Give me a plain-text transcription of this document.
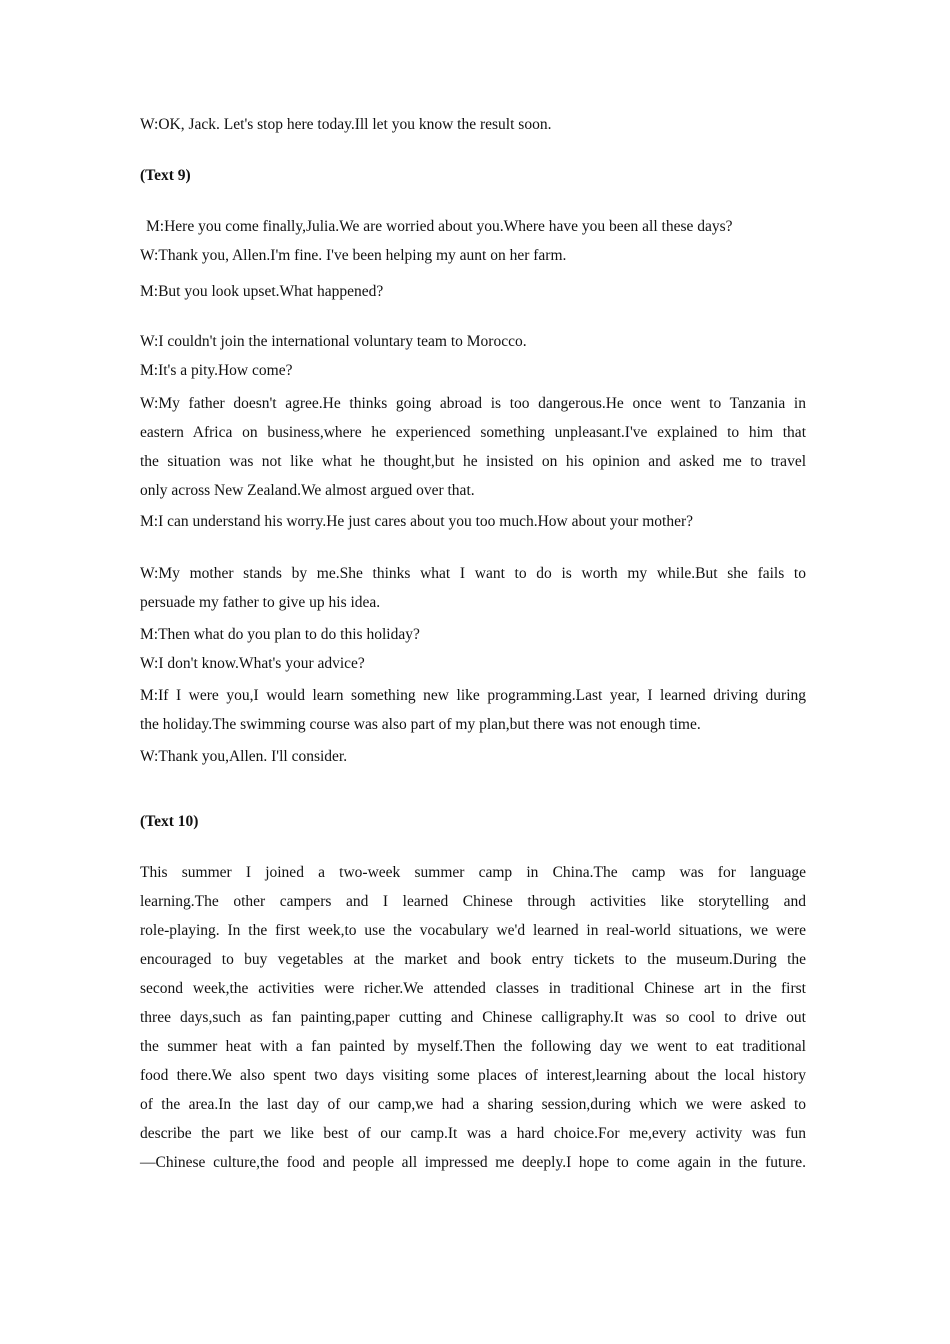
W:OK, Jack. Let's stop here today.Ill let you know the result soon.
(Text 9)
M:Here you come finally,Julia.We are worried about you.Where have you been all these days?
W:Thank you, Allen.I'm fine. I've been helping my aunt on her farm.
M:But you look upset.What happened?
W:I couldn't join the international voluntary team to Morocco.
M:It's a pity.How come?
W:My father doesn't agree.He thinks going abroad is too dangerous.He once went to Tanzania in
eastern Africa on business,where he experienced something unpleasant.I've explained to him that
the situation was not like what he thought,but he insisted on his opinion and asked me to travel
only across New Zealand.We almost argued over that.
M:I can understand his worry.He just cares about you too much.How about your mother?
W:My mother stands by me.She thinks what I want to do is worth my while.But she fails to
persuade my father to give up his idea.
M:Then what do you plan to do this holiday?
W:I don't know.What's your advice?
M:If I were you,I would learn something new like programming.Last year, I learned driving during
the holiday.The swimming course was also part of my plan,but there was not enough time.
W:Thank you,Allen. I'll consider.
(Text 10)
This summer I joined a two-week summer camp in China.The camp was for language
learning.The other campers and I learned Chinese through activities like storytelling and
role-playing. In the first week,to use the vocabulary we'd learned in real-world situations, we were
encouraged to buy vegetables at the market and book entry tickets to the museum.During the
second week,the activities were richer.We attended classes in traditional Chinese art in the first
three days,such as fan painting,paper cutting and Chinese calligraphy.It was so cool to drive out
the summer heat with a fan painted by myself.Then the following day we went to eat traditional
food there.We also spent two days visiting some places of interest,learning about the local history
of the area.In the last day of our camp,we had a sharing session,during which we were asked to
describe the part we like best of our camp.It was a hard choice.For me,every activity was fun
—Chinese culture,the food and people all impressed me deeply.I hope to come again in the future.
